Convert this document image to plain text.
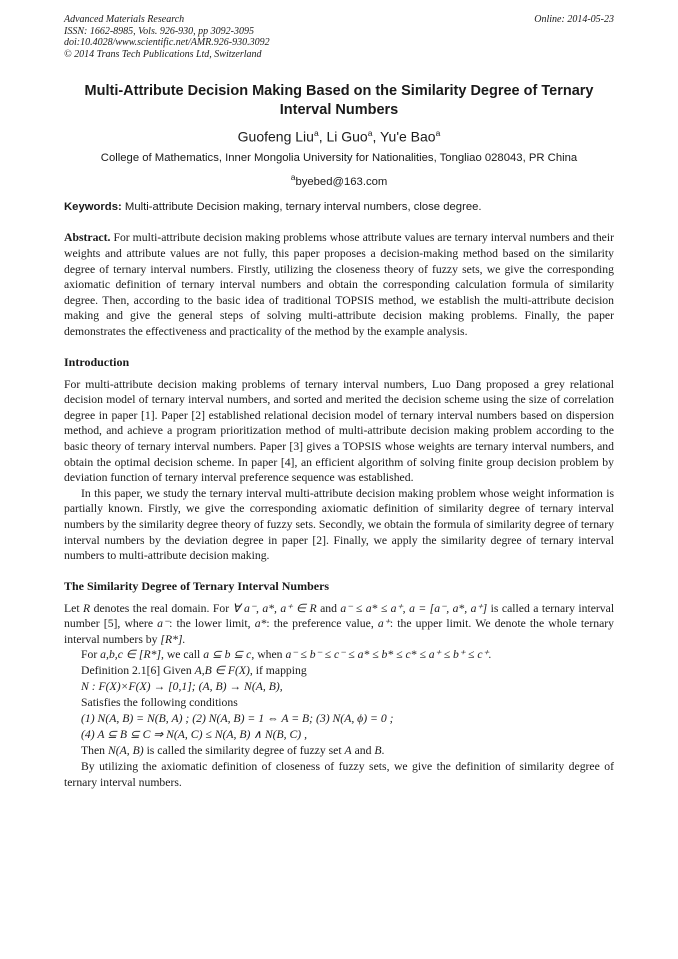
Advanced Materials Research
ISSN: 1662-8985, Vols. 926-930, pp 3092-3095
doi:10.4028/www.scientific.net/AMR.926-930.3092
© 2014 Trans Tech Publications Ltd, Switzerland
Online: 2014-05-23
Multi-Attribute Decision Making Based on the Similarity Degree of Ternary Interval Numbers
Guofeng Liu$^a$, Li Guo$^a$, Yu'e Bao$^a$
College of Mathematics, Inner Mongolia University for Nationalities, Tongliao 028043, PR China
$^a$byebed@163.com
Keywords: Multi-attribute Decision making, ternary interval numbers, close degree.
Abstract. For multi-attribute decision making problems whose attribute values are ternary interval numbers and their weights and attribute values are not fully, this paper proposes a decision-making method based on the similarity degree of ternary interval numbers. Firstly, utilizing the closeness theory of fuzzy sets, we give the corresponding axiomatic definition of ternary interval numbers and obtain the corresponding calculation formula of similarity degree. Then, according to the basic idea of traditional TOPSIS method, we establish the multi-attribute decision making and give the general steps of solving multi-attribute decision making problems. Finally, the paper demonstrates the effectiveness and practicality of the method by the example analysis.
Introduction
For multi-attribute decision making problems of ternary interval numbers, Luo Dang proposed a grey relational decision model of ternary interval numbers, and sorted and merited the decision scheme using the size of correlation degree in paper [1]. Paper [2] established relational decision model of ternary interval numbers based on dispersion method, and achieve a program prioritization method of multi-attribute decision making problem according to the basic theory of ternary interval numbers. Paper [3] gives a TOPSIS whose weights are ternary interval numbers, and obtain the optimal decision scheme. In paper [4], an efficient algorithm of solving finite group decision problem by deviation function of ternary interval preference sequence was established.
In this paper, we study the ternary interval multi-attribute decision making problem whose weight information is partially known. Firstly, we give the corresponding axiomatic definition of similarity degree of ternary interval numbers by the similarity degree theory of fuzzy sets. Secondly, we obtain the formula of similarity degree of ternary interval numbers by the deviation degree in paper [2]. Finally, we apply the similarity degree of ternary interval numbers to multi-attribute decision making.
The Similarity Degree of Ternary Interval Numbers
Let R denotes the real domain. For ∀ a⁻, a*, a⁺ ∈ R and a⁻ ≤ a* ≤ a⁺, a = [a⁻, a*, a⁺] is called a ternary interval number [5], where a⁻: the lower limit, a*: the preference value, a⁺: the upper limit. We denote the whole ternary interval numbers by [R*].
For a,b,c ∈ [R*], we call a ⊆ b ⊆ c, when a⁻ ≤ b⁻ ≤ c⁻ ≤ a* ≤ b* ≤ c* ≤ a⁺ ≤ b⁺ ≤ c⁺.
Definition 2.1[6] Given A,B ∈ F(X), if mapping
N : F(X)×F(X) → [0,1]; (A, B) → N(A, B),
Satisfies the following conditions
(1) N(A, B) = N(B, A) ; (2) N(A, B) = 1 ⇔ A = B; (3) N(A, ϕ) = 0 ;
(4) A ⊆ B ⊆ C ⇒ N(A, C) ≤ N(A, B) ∧ N(B, C) ,
Then N(A, B) is called the similarity degree of fuzzy set A and B.
By utilizing the axiomatic definition of closeness of fuzzy sets, we give the definition of similarity degree of ternary interval numbers.
